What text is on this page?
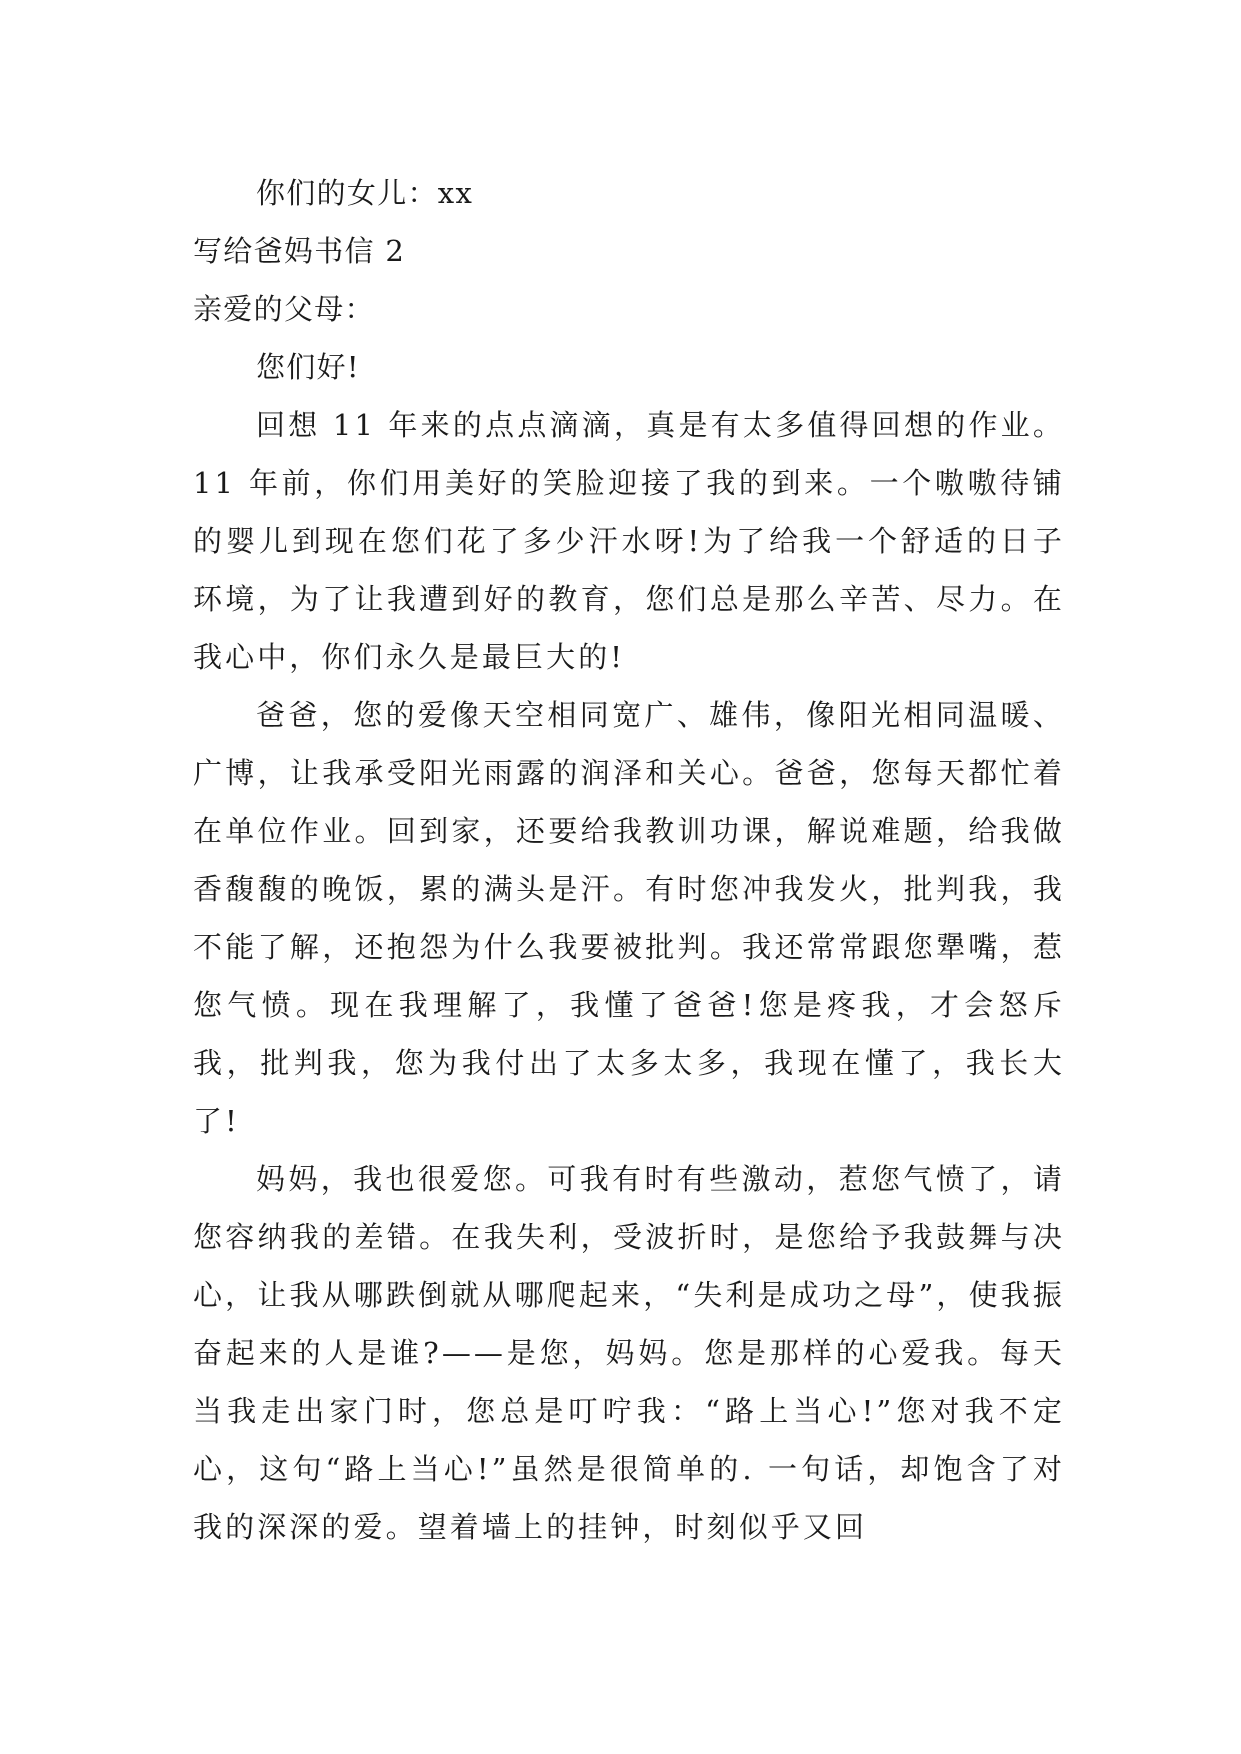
你们的女儿：xx
写给爸妈书信 2
亲爱的父母：
您们好!

回想 11 年来的点点滴滴，真是有太多值得回想的作业。11 年前，你们用美好的笑脸迎接了我的到来。一个嗷嗷待铺的婴儿到现在您们花了多少汗水呀!为了给我一个舒适的日子环境，为了让我遭到好的教育，您们总是那么辛苦、尽力。在我心中，你们永久是最巨大的!

爸爸，您的爱像天空相同宽广、雄伟，像阳光相同温暖、广博，让我承受阳光雨露的润泽和关心。爸爸，您每天都忙着在单位作业。回到家，还要给我教训功课，解说难题，给我做香馥馥的晚饭，累的满头是汗。有时您冲我发火，批判我，我不能了解，还抱怨为什么我要被批判。我还常常跟您犟嘴，惹您气愤。现在我理解了，我懂了爸爸!您是疼我，才会怒斥我，批判我，您为我付出了太多太多，我现在懂了，我长大了!

妈妈，我也很爱您。可我有时有些激动，惹您气愤了，请您容纳我的差错。在我失利，受波折时，是您给予我鼓舞与决心，让我从哪跌倒就从哪爬起来，“失利是成功之母”，使我振奋起来的人是谁?——是您，妈妈。您是那样的心爱我。每天当我走出家门时，您总是叮咛我：“路上当心!”您对我不定心，这句“路上当心!”虽然是很简单的. 一句话，却饱含了对我的深深的爱。望着墙上的挂钟，时刻似乎又回
